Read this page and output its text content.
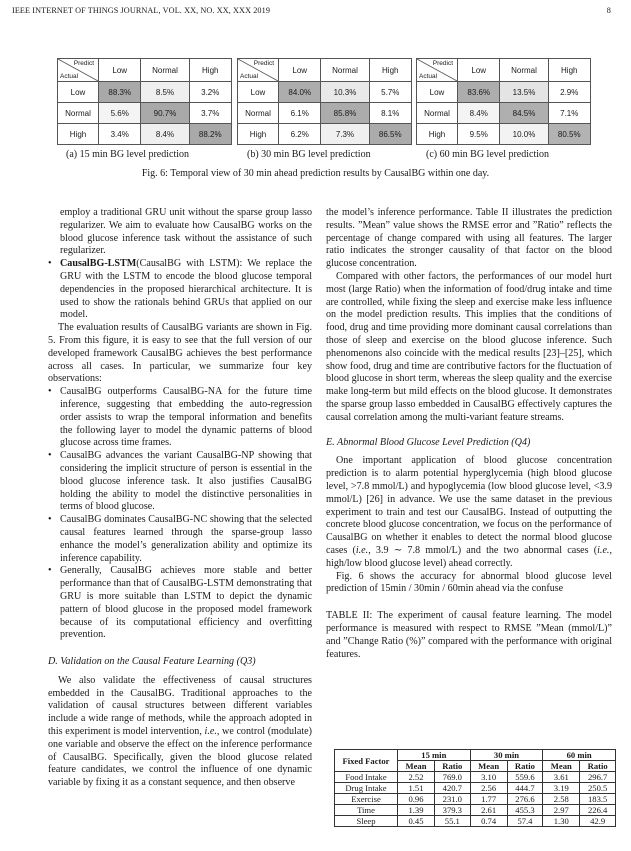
IEEE INTERNET OF THINGS JOURNAL, VOL. XX, NO. XX, XXX 2019	8
Predict
Actual	Low	Normal	High
Low	88.3%	8.5%	3.2%
Normal	5.6%	90.7%	3.7%
High	3.4%	8.4%	88.2%
Predict
Actual	Low	Normal	High
Low	84.0%	10.3%	5.7%
Normal	6.1%	85.8%	8.1%
High	6.2%	7.3%	86.5%
Predict
Actual	Low	Normal	High
Low	83.6%	13.5%	2.9%
Normal	8.4%	84.5%	7.1%
High	9.5%	10.0%	80.5%
(a) 15 min BG level prediction	(b) 30 min BG level prediction	(c) 60 min BG level prediction
Fig. 6: Temporal view of 30 min ahead prediction results by CausalBG within one day.

employ a traditional GRU unit without the sparse group lasso regularizer. We aim to evaluate how CausalBG works on the blood glucose inference task without the assistance of such regularizer.

• CausalBG-LSTM(CausalBG with LSTM): We replace the GRU with the LSTM to encode the blood glucose temporal dependencies in the proposed hierarchical architecture. It is used to show the rationals behind GRUs that applied on our model.

The evaluation results of CausalBG variants are shown in Fig. 5. From this figure, it is easy to see that the full version of our developed framework CausalBG achieves the best performance across all cases. In particular, we summarize four key observations:

• CausalBG outperforms CausalBG-NA for the future time inference, suggesting that embedding the auto-regression order assists to wrap the temporal information and benefits the following layer to model the dynamic patterns of blood glucose across time frames.
• CausalBG advances the variant CausalBG-NP showing that considering the implicit structure of person is essential in the blood glucose inference task. It also justifies CausalBG holding the ability to model the distinctive personalities in terms of blood glucose.
• CausalBG dominates CausalBG-NC showing that the selected causal features learned through the sparse-group lasso enhance the model’s generalization ability and optimize its inference capability.
• Generally, CausalBG achieves more stable and better performance than that of CausalBG-LSTM demonstrating that GRU is more suitable than LSTM to depict the dynamic pattern of blood glucose in the proposed model framework because of its computational efficiency and overfitting prevention.

D. Validation on the Causal Feature Learning (Q3)

We also validate the effectiveness of causal structures embedded in the CausalBG. Traditional approaches to the validation of causal structures between different variables include a wide range of methods, while the approach adopted in this experiment is model intervention, i.e., we control (modulate) one variable and observe the effect on the inference performance of CausalBG. Specifically, given the blood glucose related feature candidates, we control the influence of one dynamic variable by fixing it as a constant sequence, and then observe

the model’s inference performance. Table II illustrates the prediction results. ”Mean” value shows the RMSE error and ”Ratio” reflects the percentage of change compared with using all features. The larger ratio indicates the stronger causality of that factor on the blood glucose concentration.

Compared with other factors, the performances of our model hurt most (large Ratio) when the information of food/drug intake and time are controlled, while fixing the sleep and exercise make less influence on the model prediction results. This implies that the conditions of food, drug and time providing more dominant causal correlations than those of sleep and exercise on the blood glucose inference. Such phenomenons also coincide with the medical results [23]–[25], which show food, drug and time are contributive factors for the fluctuation of blood glucose in short term, whereas the sleep quality and the exercise make long-term but mild effects on the blood glucose. It demonstrates the sparse group lasso embedded in CausalBG effectively captures the causal correlation among the multi-variant feature streams.

E. Abnormal Blood Glucose Level Prediction (Q4)

One important application of blood glucose concentration prediction is to alarm potential hyperglycemia (high blood glucose level, >7.8 mmol/L) and hypoglycemia (low blood glucose level, <3.9 mmol/L) [26] in advance. We use the same dataset in the previous experiment to train and test our CausalBG. Instead of outputting the concrete blood glucose concentration, we focus on the performance of CausalBG on whether it enables to detect the normal blood glucose cases (i.e., 3.9 ∼ 7.8 mmol/L) and the two abnormal cases (i.e., high/low blood glucose level) ahead correctly.

Fig. 6 shows the accuracy for abnormal blood glucose level prediction of 15min / 30min / 60min ahead via the confuse

TABLE II: The experiment of causal feature learning. The model performance is measured with respect to RMSE ”Mean (mmol/L)” and ”Change Ratio (%)” compared with the performance with original features.

Fixed Factor	15 min		30 min		60 min	
	Mean	Ratio	Mean	Ratio	Mean	Ratio
Food Intake	2.52	769.0	3.10	559.6	3.61	296.7
Drug Intake	1.51	420.7	2.56	444.7	3.19	250.5
Exercise	0.96	231.0	1.77	276.6	2.58	183.5
Time	1.39	379.3	2.61	455.3	2.97	226.4
Sleep	0.45	55.1	0.74	57.4	1.30	42.9
